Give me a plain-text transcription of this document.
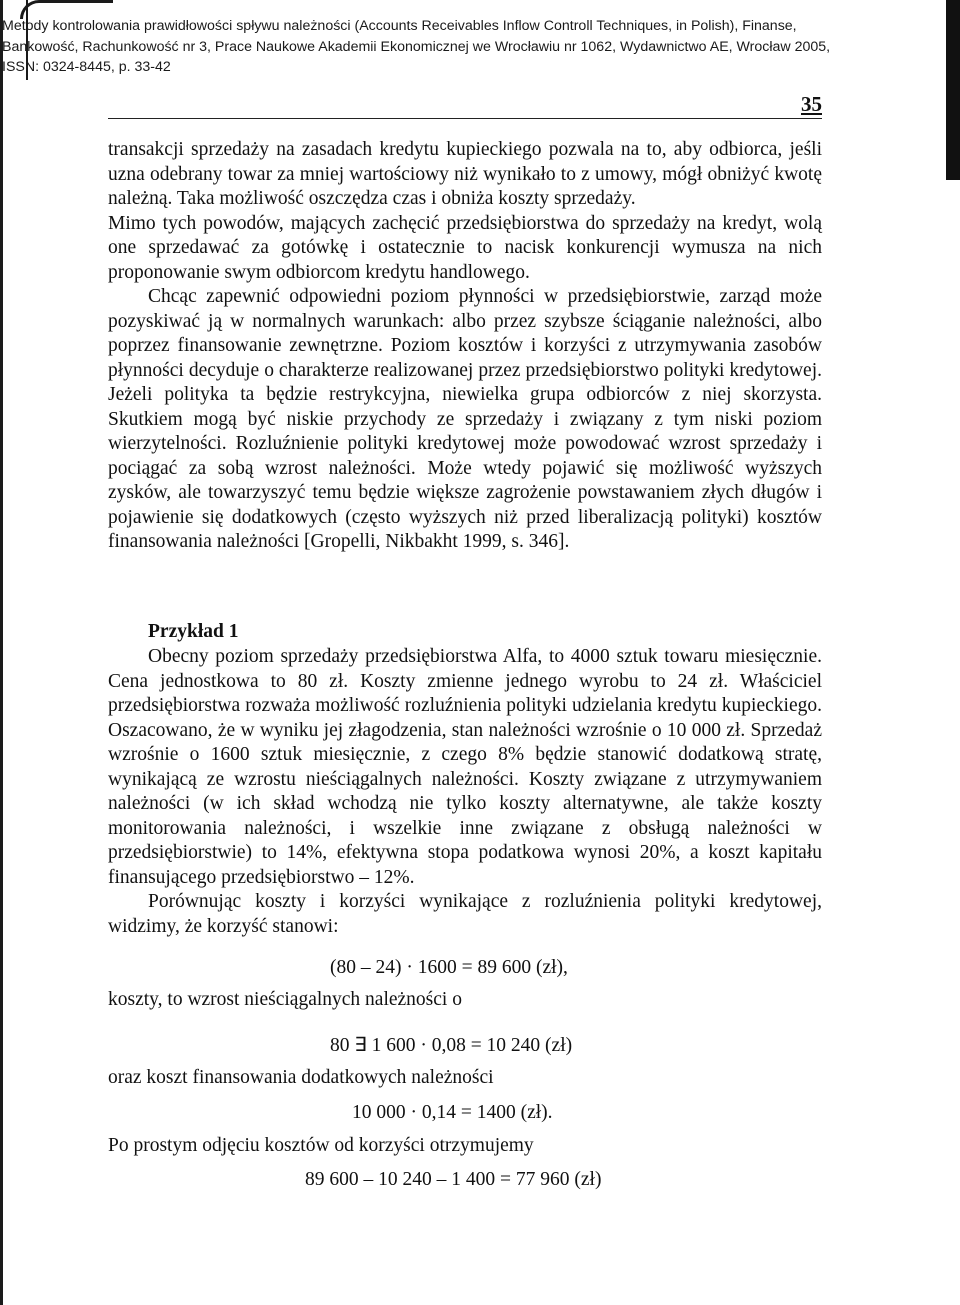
Metody kontrolowania prawidłowości spływu należności (Accounts Receivables Inflow Controll Techniques, in Polish), Finanse,
Bankowość, Rachunkowość nr 3, Prace Naukowe Akademii Ekonomicznej we Wrocławiu nr 1062, Wydawnictwo AE, Wrocław 2005,
ISSN: 0324-8445, p. 33-42
35

transakcji sprzedaży na zasadach kredytu kupieckiego pozwala na to, aby odbiorca, jeśli uzna odebrany towar za mniej wartościowy niż wynikało to z umowy, mógł obniżyć kwotę należną. Taka możliwość oszczędza czas i obniża koszty sprzedaży.

Mimo tych powodów, mających zachęcić przedsiębiorstwa do sprzedaży na kredyt, wolą one sprzedawać za gotówkę i ostatecznie to nacisk konkurencji wymusza na nich proponowanie swym odbiorcom kredytu handlowego.

Chcąc zapewnić odpowiedni poziom płynności w przedsiębiorstwie, zarząd może pozyskiwać ją w normalnych warunkach: albo przez szybsze ściąganie należności, albo poprzez finansowanie zewnętrzne. Poziom kosztów i korzyści z utrzymywania zasobów płynności decyduje o charakterze realizowanej przez przedsiębiorstwo polityki kredytowej. Jeżeli polityka ta będzie restrykcyjna, niewielka grupa odbiorców z niej skorzysta. Skutkiem mogą być niskie przychody ze sprzedaży i związany z tym niski poziom wierzytelności. Rozluźnienie polityki kredytowej może powodować wzrost sprzedaży i pociągać za sobą wzrost należności. Może wtedy pojawić się możliwość wyższych zysków, ale towarzyszyć temu będzie większe zagrożenie powstawaniem złych długów i pojawienie się dodatkowych (często wyższych niż przed liberalizacją polityki) kosztów finansowania należności [Gropelli, Nikbakht 1999, s. 346].

Przykład 1

Obecny poziom sprzedaży przedsiębiorstwa Alfa, to 4000 sztuk towaru miesięcznie. Cena jednostkowa to 80 zł. Koszty zmienne jednego wyrobu to 24 zł. Właściciel przedsiębiorstwa rozważa możliwość rozluźnienia polityki udzielania kredytu kupieckiego. Oszacowano, że w wyniku jej złagodzenia, stan należności wzrośnie o 10 000 zł. Sprzedaż wzrośnie o 1600 sztuk miesięcznie, z czego 8% będzie stanowić dodatkową stratę, wynikającą ze wzrostu nieściągalnych należności. Koszty związane z utrzymywaniem należności (w ich skład wchodzą nie tylko koszty alternatywne, ale także koszty monitorowania należności, i wszelkie inne związane z obsługą należności w przedsiębiorstwie) to 14%, efektywna stopa podatkowa wynosi 20%, a koszt kapitału finansującego przedsiębiorstwo – 12%.

Porównując koszty i korzyści wynikające z rozluźnienia polityki kredytowej, widzimy, że korzyść stanowi:

(80 – 24) · 1600 = 89 600 (zł),
koszty, to wzrost nieściągalnych należności o
80 ∃ 1 600 · 0,08 = 10 240 (zł)
oraz koszt finansowania dodatkowych należności
10 000 · 0,14 = 1400 (zł).
Po prostym odjęciu kosztów od korzyści otrzymujemy
89 600 – 10 240 – 1 400 = 77 960 (zł)
